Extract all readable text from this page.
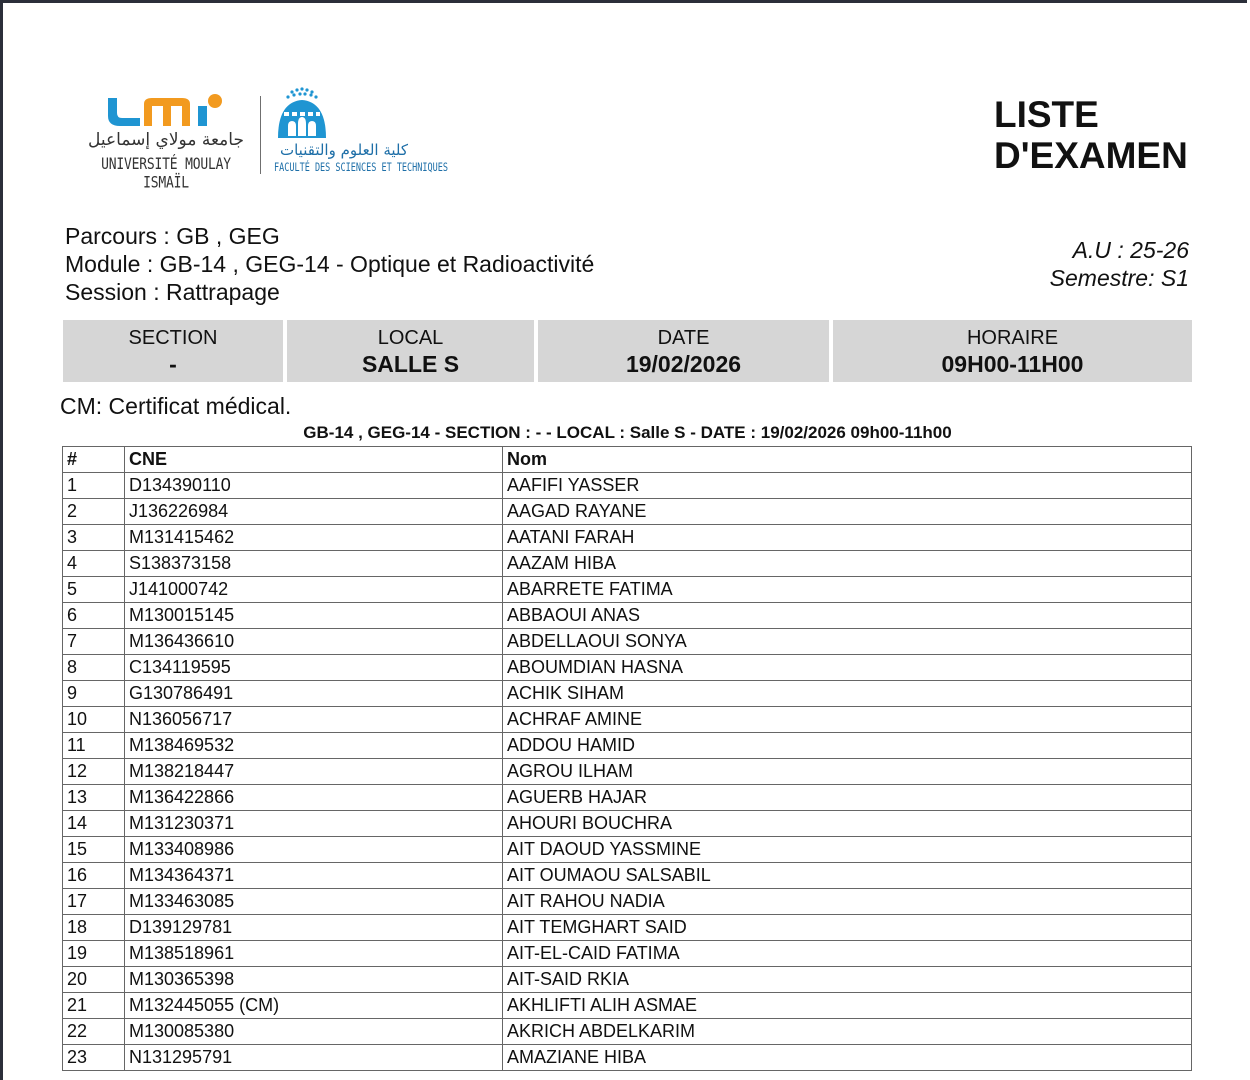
جامعة مولاي إسماعيل
UNIVERSITÉ MOULAY ISMAÏL
كلية العلوم والتقنيات
FACULTÉ DES SCIENCES ET TECHNIQUES
LISTE
D'EXAMEN
Parcours : GB , GEG
Module : GB-14 , GEG-14 - Optique et Radioactivité
Session : Rattrapage
A.U : 25-26
Semestre: S1
SECTION
-
LOCAL
SALLE S
DATE
19/02/2026
HORAIRE
09H00-11H00
CM: Certificat médical.
GB-14 , GEG-14 - SECTION : - - LOCAL : Salle S - DATE : 19/02/2026 09h00-11h00
#	CNE	Nom
1	D134390110	AAFIFI YASSER
2	J136226984	AAGAD RAYANE
3	M131415462	AATANI FARAH
4	S138373158	AAZAM HIBA
5	J141000742	ABARRETE FATIMA
6	M130015145	ABBAOUI ANAS
7	M136436610	ABDELLAOUI SONYA
8	C134119595	ABOUMDIAN HASNA
9	G130786491	ACHIK SIHAM
10	N136056717	ACHRAF AMINE
11	M138469532	ADDOU HAMID
12	M138218447	AGROU ILHAM
13	M136422866	AGUERB HAJAR
14	M131230371	AHOURI BOUCHRA
15	M133408986	AIT DAOUD YASSMINE
16	M134364371	AIT OUMAOU SALSABIL
17	M133463085	AIT RAHOU NADIA
18	D139129781	AIT TEMGHART SAID
19	M138518961	AIT-EL-CAID FATIMA
20	M130365398	AIT-SAID RKIA
21	M132445055 (CM)	AKHLIFTI ALIH ASMAE
22	M130085380	AKRICH ABDELKARIM
23	N131295791	AMAZIANE HIBA
